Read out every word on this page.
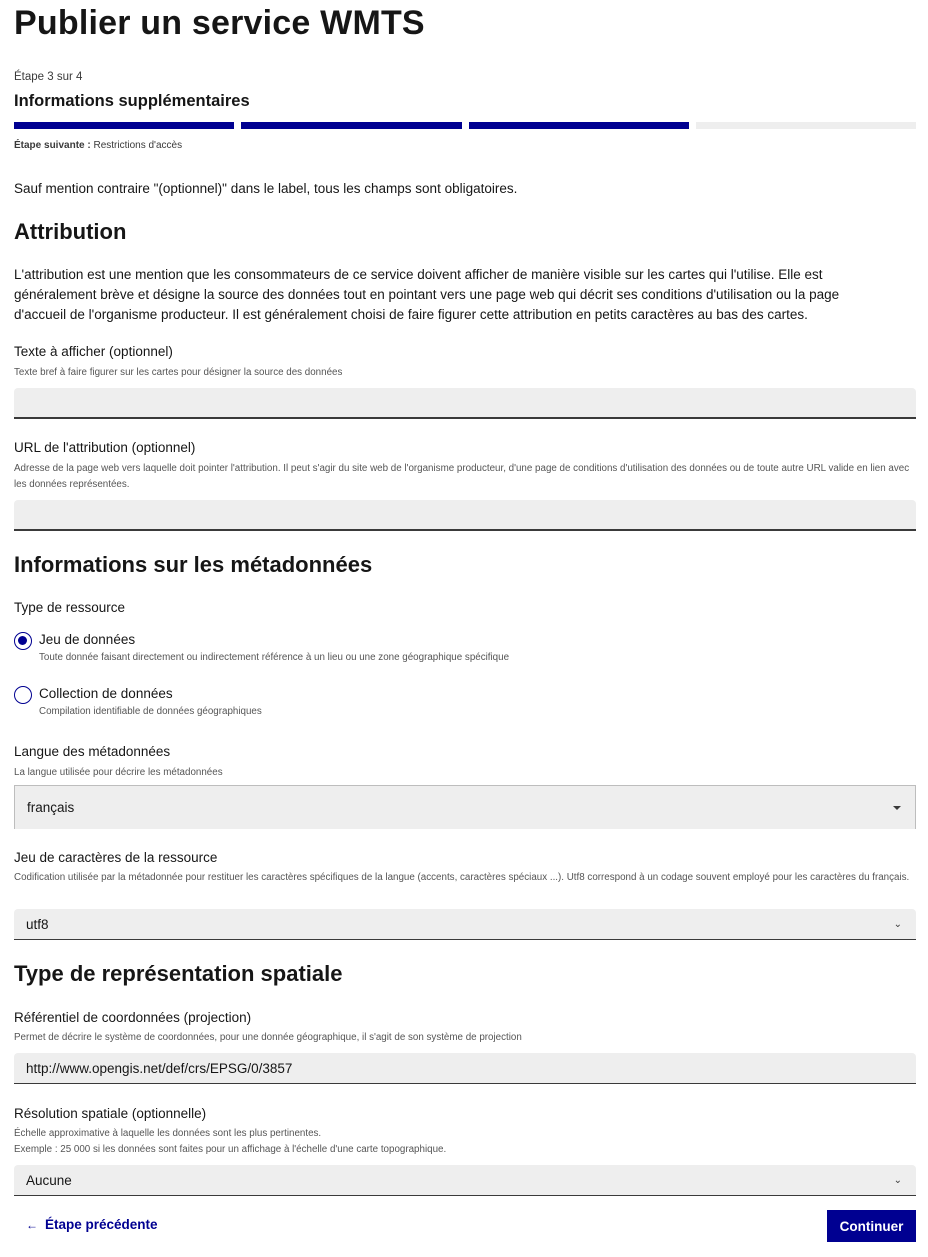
Publier un service WMTS

Étape 3 sur 4

Informations supplémentaires

Étape suivante : Restrictions d'accès

Sauf mention contraire "(optionnel)" dans le label, tous les champs sont obligatoires.

Attribution

L'attribution est une mention que les consommateurs de ce service doivent afficher de manière visible sur les cartes qui l'utilise. Elle est généralement brève et désigne la source des données tout en pointant vers une page web qui décrit ses conditions d'utilisation ou la page d'accueil de l'organisme producteur. Il est généralement choisi de faire figurer cette attribution en petits caractères au bas des cartes.

Texte à afficher (optionnel)

Texte bref à faire figurer sur les cartes pour désigner la source des données

URL de l'attribution (optionnel)

Adresse de la page web vers laquelle doit pointer l'attribution. Il peut s'agir du site web de l'organisme producteur, d'une page de conditions d'utilisation des données ou de toute autre URL valide en lien avec les données représentées.

Informations sur les métadonnées

Type de ressource

Jeu de données
Toute donnée faisant directement ou indirectement référence à un lieu ou une zone géographique spécifique
Collection de données
Compilation identifiable de données géographiques
Langue des métadonnées

La langue utilisée pour décrire les métadonnées

français
Jeu de caractères de la ressource

Codification utilisée par la métadonnée pour restituer les caractères spécifiques de la langue (accents, caractères spéciaux ...). Utf8 correspond à un codage souvent employé pour les caractères du français.

utf8	⌄
Type de représentation spatiale
Référentiel de coordonnées (projection)

Permet de décrire le système de coordonnées, pour une donnée géographique, il s'agit de son système de projection

http://www.opengis.net/def/crs/EPSG/0/3857
Résolution spatiale (optionnelle)

Échelle approximative à laquelle les données sont les plus pertinentes.

Exemple : 25 000 si les données sont faites pour un affichage à l'échelle d'une carte topographique.

Aucune	⌄
← Étape précédente	Continuer
